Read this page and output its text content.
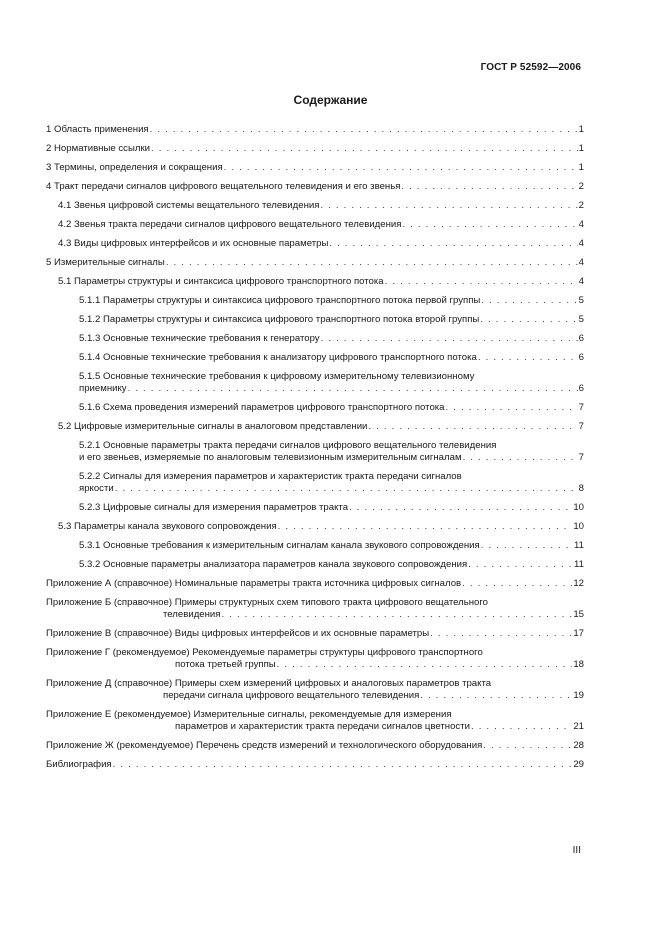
ГОСТ Р 52592—2006
Содержание
1 Область применения . . .	1
2 Нормативные ссылки . . .	1
3 Термины, определения и сокращения . . .	1
4 Тракт передачи сигналов цифрового вещательного телевидения и его звенья . . .	2
4.1 Звенья цифровой системы вещательного телевидения . . .	2
4.2 Звенья тракта передачи сигналов цифрового вещательного телевидения . . .	4
4.3 Виды цифровых интерфейсов и их основные параметры . . .	4
5 Измерительные сигналы . . .	4
5.1 Параметры структуры и синтаксиса цифрового транспортного потока . . .	4
5.1.1 Параметры структуры и синтаксиса цифрового транспортного потока первой группы . . .	5
5.1.2 Параметры структуры и синтаксиса цифрового транспортного потока второй группы . . .	5
5.1.3 Основные технические требования к генератору . . .	6
5.1.4 Основные технические требования к анализатору цифрового транспортного потока . . .	6
5.1.5 Основные технические требования к цифровому измерительному телевизионному
приемнику . . .	6
5.1.6 Схема проведения измерений параметров цифрового транспортного потока . . .	7
5.2 Цифровые измерительные сигналы в аналоговом представлении . . .	7
5.2.1 Основные параметры тракта передачи сигналов цифрового вещательного телевидения
и его звеньев, измеряемые по аналоговым телевизионным измерительным сигналам . . .	7
5.2.2 Сигналы для измерения параметров и характеристик тракта передачи сигналов
яркости . . .	8
5.2.3 Цифровые сигналы для измерения параметров тракта . . .	10
5.3 Параметры канала звукового сопровождения . . .	10
5.3.1 Основные требования к измерительным сигналам канала звукового сопровождения . . .	11
5.3.2 Основные параметры анализатора параметров канала звукового сопровождения . . .	11
Приложение А (справочное) Номинальные параметры тракта источника цифровых сигналов . . .	12
Приложение Б (справочное) Примеры структурных схем типового тракта цифрового вещательного
телевидения . . .	15
Приложение В (справочное) Виды цифровых интерфейсов и их основные параметры . . .	17
Приложение Г (рекомендуемое) Рекомендуемые параметры структуры цифрового транспортного
потока третьей группы . . .	18
Приложение Д (справочное) Примеры схем измерений цифровых и аналоговых параметров тракта
передачи сигнала цифрового вещательного телевидения . . .	19
Приложение Е (рекомендуемое) Измерительные сигналы, рекомендуемые для измерения
параметров и характеристик тракта передачи сигналов цветности . . .	21
Приложение Ж (рекомендуемое) Перечень средств измерений и технологического оборудования . . .	28
Библиография . . .	29
III
